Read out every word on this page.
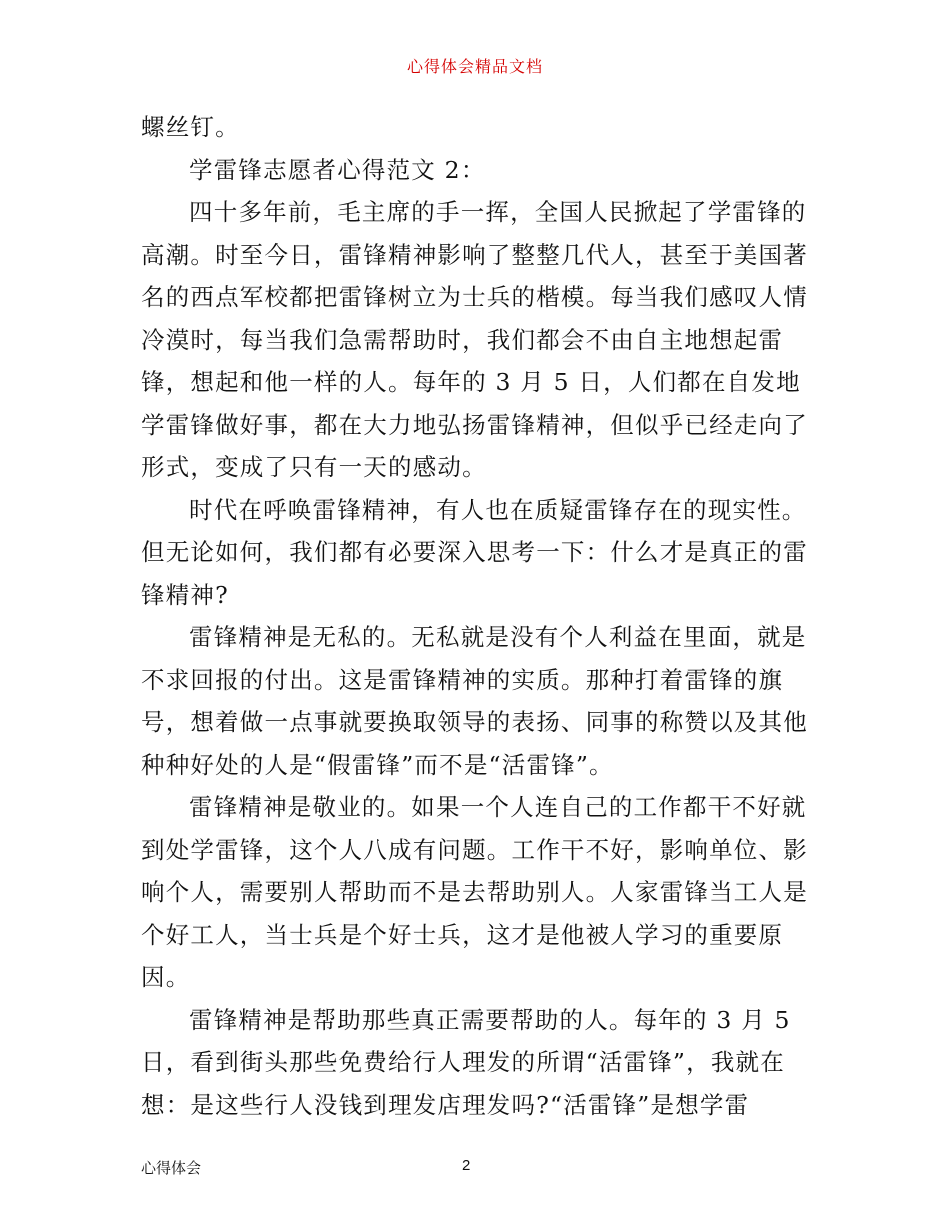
心得体会精品文档
螺丝钉。
学雷锋志愿者心得范文 2：
四十多年前，毛主席的手一挥，全国人民掀起了学雷锋的
高潮。时至今日，雷锋精神影响了整整几代人，甚至于美国著
名的西点军校都把雷锋树立为士兵的楷模。每当我们感叹人情
冷漠时，每当我们急需帮助时，我们都会不由自主地想起雷
锋，想起和他一样的人。每年的 3 月 5 日，人们都在自发地
学雷锋做好事，都在大力地弘扬雷锋精神，但似乎已经走向了
形式，变成了只有一天的感动。
时代在呼唤雷锋精神，有人也在质疑雷锋存在的现实性。
但无论如何，我们都有必要深入思考一下：什么才是真正的雷
锋精神?
雷锋精神是无私的。无私就是没有个人利益在里面，就是
不求回报的付出。这是雷锋精神的实质。那种打着雷锋的旗
号，想着做一点事就要换取领导的表扬、同事的称赞以及其他
种种好处的人是“假雷锋”而不是“活雷锋”。
雷锋精神是敬业的。如果一个人连自己的工作都干不好就
到处学雷锋，这个人八成有问题。工作干不好，影响单位、影
响个人，需要别人帮助而不是去帮助别人。人家雷锋当工人是
个好工人，当士兵是个好士兵，这才是他被人学习的重要原
因。
雷锋精神是帮助那些真正需要帮助的人。每年的 3 月 5
日，看到街头那些免费给行人理发的所谓“活雷锋”，我就在
想：是这些行人没钱到理发店理发吗?“活雷锋”是想学雷
心得体会	2
